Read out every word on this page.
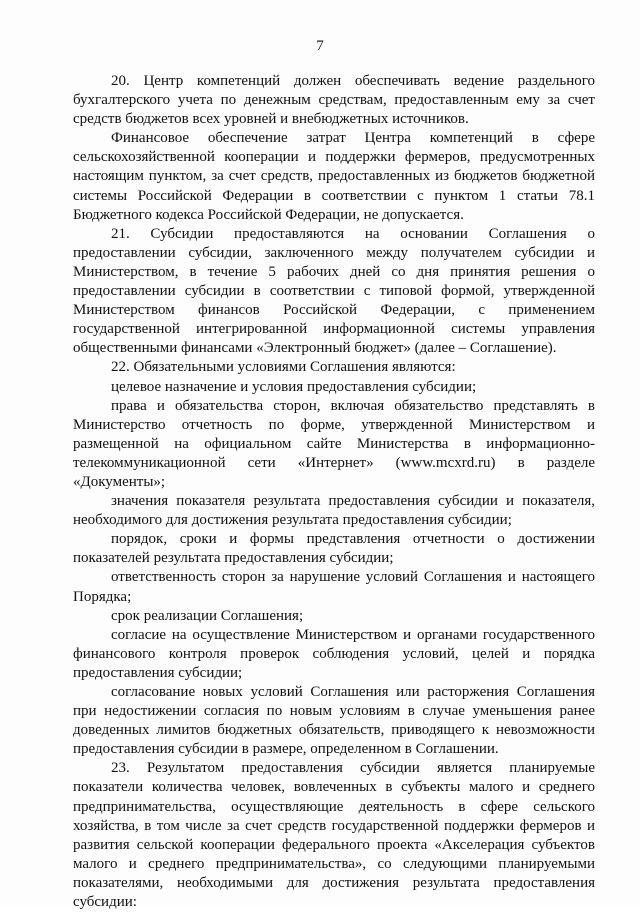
7

20. Центр компетенций должен обеспечивать ведение раздельного бухгалтерского учета по денежным средствам, предоставленным ему за счет средств бюджетов всех уровней и внебюджетных источников.

Финансовое обеспечение затрат Центра компетенций в сфере сельскохозяйственной кооперации и поддержки фермеров, предусмотренных настоящим пунктом, за счет средств, предоставленных из бюджетов бюджетной системы Российской Федерации в соответствии с пунктом 1 статьи 78.1 Бюджетного кодекса Российской Федерации, не допускается.

21. Субсидии предоставляются на основании Соглашения о предоставлении субсидии, заключенного между получателем субсидии и Министерством, в течение 5 рабочих дней со дня принятия решения о предоставлении субсидии в соответствии с типовой формой, утвержденной Министерством финансов Российской Федерации, с применением государственной интегрированной информационной системы управления общественными финансами «Электронный бюджет» (далее – Соглашение).

22. Обязательными условиями Соглашения являются:

целевое назначение и условия предоставления субсидии;

права и обязательства сторон, включая обязательство представлять в Министерство отчетность по форме, утвержденной Министерством и размещенной на официальном сайте Министерства в информационно-телекоммуникационной сети «Интернет» (www.mcxrd.ru) в разделе «Документы»;

значения показателя результата предоставления субсидии и показателя, необходимого для достижения результата предоставления субсидии;

порядок, сроки и формы представления отчетности о достижении показателей результата предоставления субсидии;

ответственность сторон за нарушение условий Соглашения и настоящего Порядка;

срок реализации Соглашения;

согласие на осуществление Министерством и органами государственного финансового контроля проверок соблюдения условий, целей и порядка предоставления субсидии;

согласование новых условий Соглашения или расторжения Соглашения при недостижении согласия по новым условиям в случае уменьшения ранее доведенных лимитов бюджетных обязательств, приводящего к невозможности предоставления субсидии в размере, определенном в Соглашении.

23. Результатом предоставления субсидии является планируемые показатели количества человек, вовлеченных в субъекты малого и среднего предпринимательства, осуществляющие деятельность в сфере сельского хозяйства, в том числе за счет средств государственной поддержки фермеров и развития сельской кооперации федерального проекта «Акселерация субъектов малого и среднего предпринимательства», со следующими планируемыми показателями, необходимыми для достижения результата предоставления субсидии:
